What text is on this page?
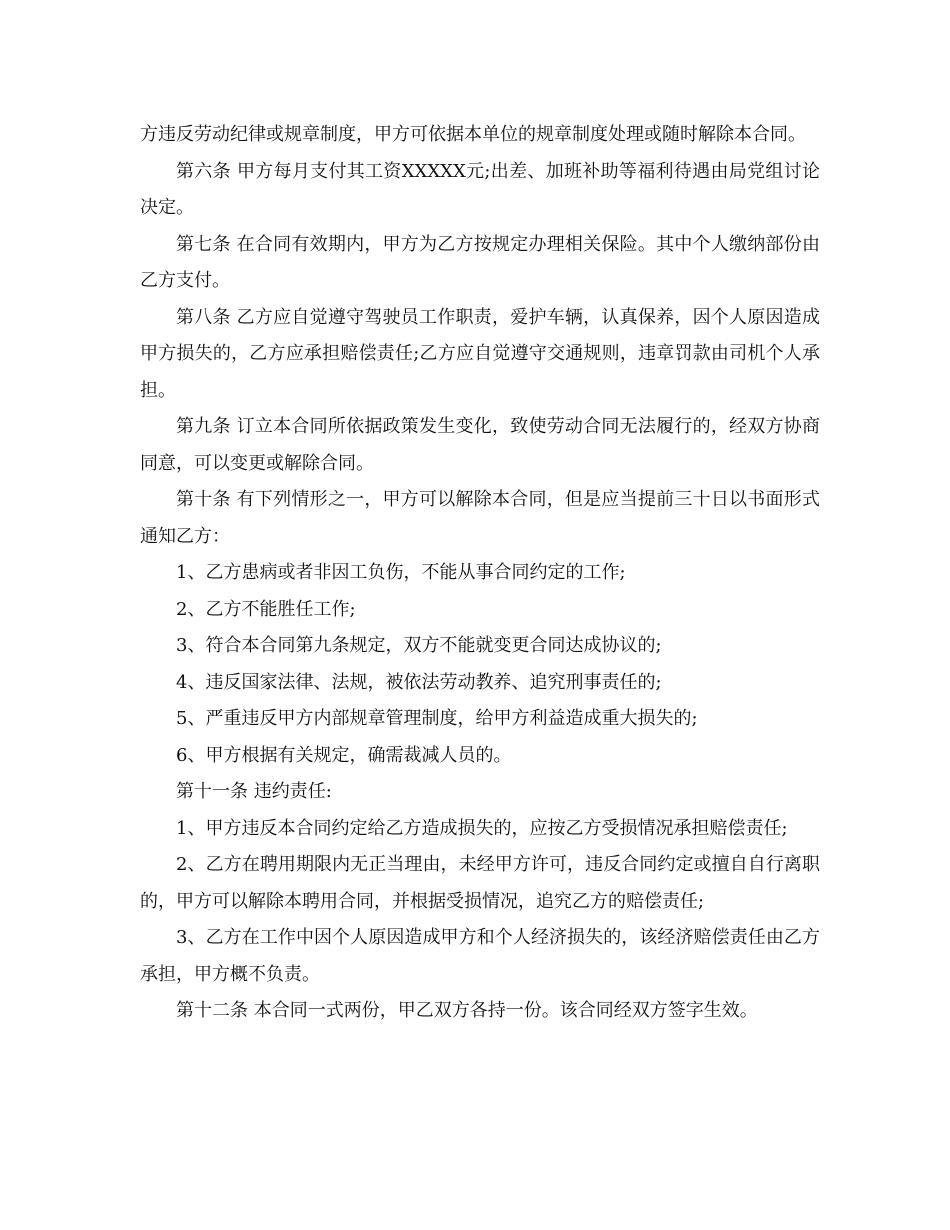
方违反劳动纪律或规章制度，甲方可依据本单位的规章制度处理或随时解除本合同。

第六条 甲方每月支付其工资XXXXX元;出差、加班补助等福利待遇由局党组讨论决定。

第七条 在合同有效期内，甲方为乙方按规定办理相关保险。其中个人缴纳部份由乙方支付。

第八条 乙方应自觉遵守驾驶员工作职责，爱护车辆，认真保养，因个人原因造成甲方损失的，乙方应承担赔偿责任;乙方应自觉遵守交通规则，违章罚款由司机个人承担。

第九条 订立本合同所依据政策发生变化，致使劳动合同无法履行的，经双方协商同意，可以变更或解除合同。

第十条 有下列情形之一，甲方可以解除本合同，但是应当提前三十日以书面形式通知乙方：

1、乙方患病或者非因工负伤，不能从事合同约定的工作;

2、乙方不能胜任工作;

3、符合本合同第九条规定，双方不能就变更合同达成协议的;

4、违反国家法律、法规，被依法劳动教养、追究刑事责任的;

5、严重违反甲方内部规章管理制度，给甲方利益造成重大损失的;

6、甲方根据有关规定，确需裁减人员的。

第十一条 违约责任:

1、甲方违反本合同约定给乙方造成损失的，应按乙方受损情况承担赔偿责任;

2、乙方在聘用期限内无正当理由，未经甲方许可，违反合同约定或擅自自行离职的，甲方可以解除本聘用合同，并根据受损情况，追究乙方的赔偿责任;

3、乙方在工作中因个人原因造成甲方和个人经济损失的，该经济赔偿责任由乙方承担，甲方概不负责。

第十二条 本合同一式两份，甲乙双方各持一份。该合同经双方签字生效。
